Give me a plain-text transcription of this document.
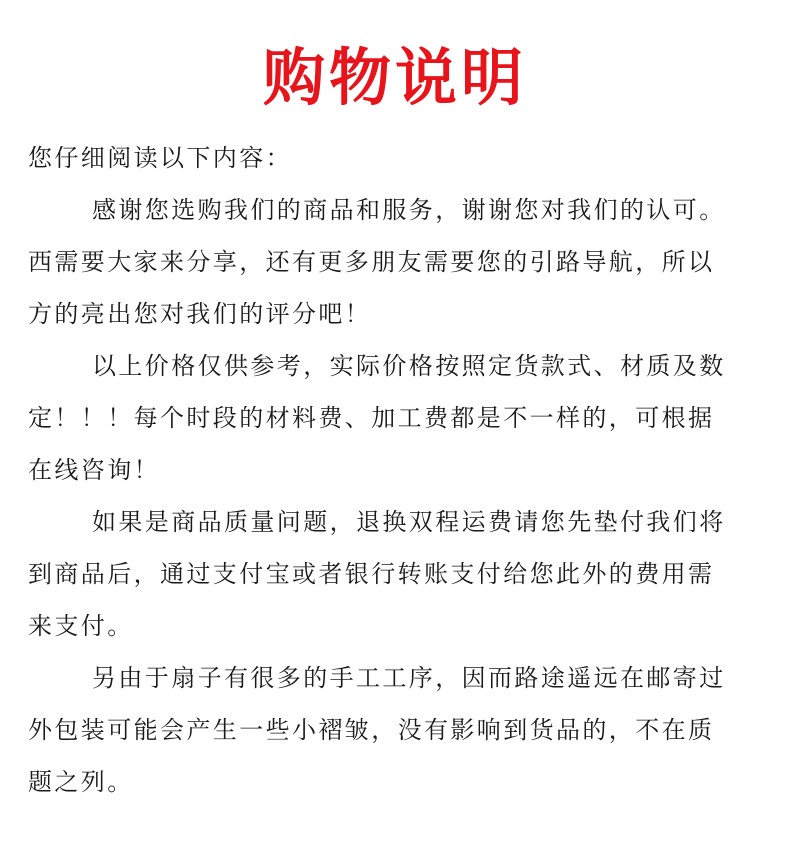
购物说明

您仔细阅读以下内容：

感谢您选购我们的商品和服务，谢谢您对我们的认可。

西需要大家来分享，还有更多朋友需要您的引路导航，所以

方的亮出您对我们的评分吧！

以上价格仅供参考，实际价格按照定货款式、材质及数

定！！！每个时段的材料费、加工费都是不一样的，可根据

在线咨询！

如果是商品质量问题，退换双程运费请您先垫付我们将

到商品后，通过支付宝或者银行转账支付给您此外的费用需

来支付。

另由于扇子有很多的手工工序，因而路途遥远在邮寄过

外包装可能会产生一些小褶皱，没有影响到货品的，不在质

题之列。
